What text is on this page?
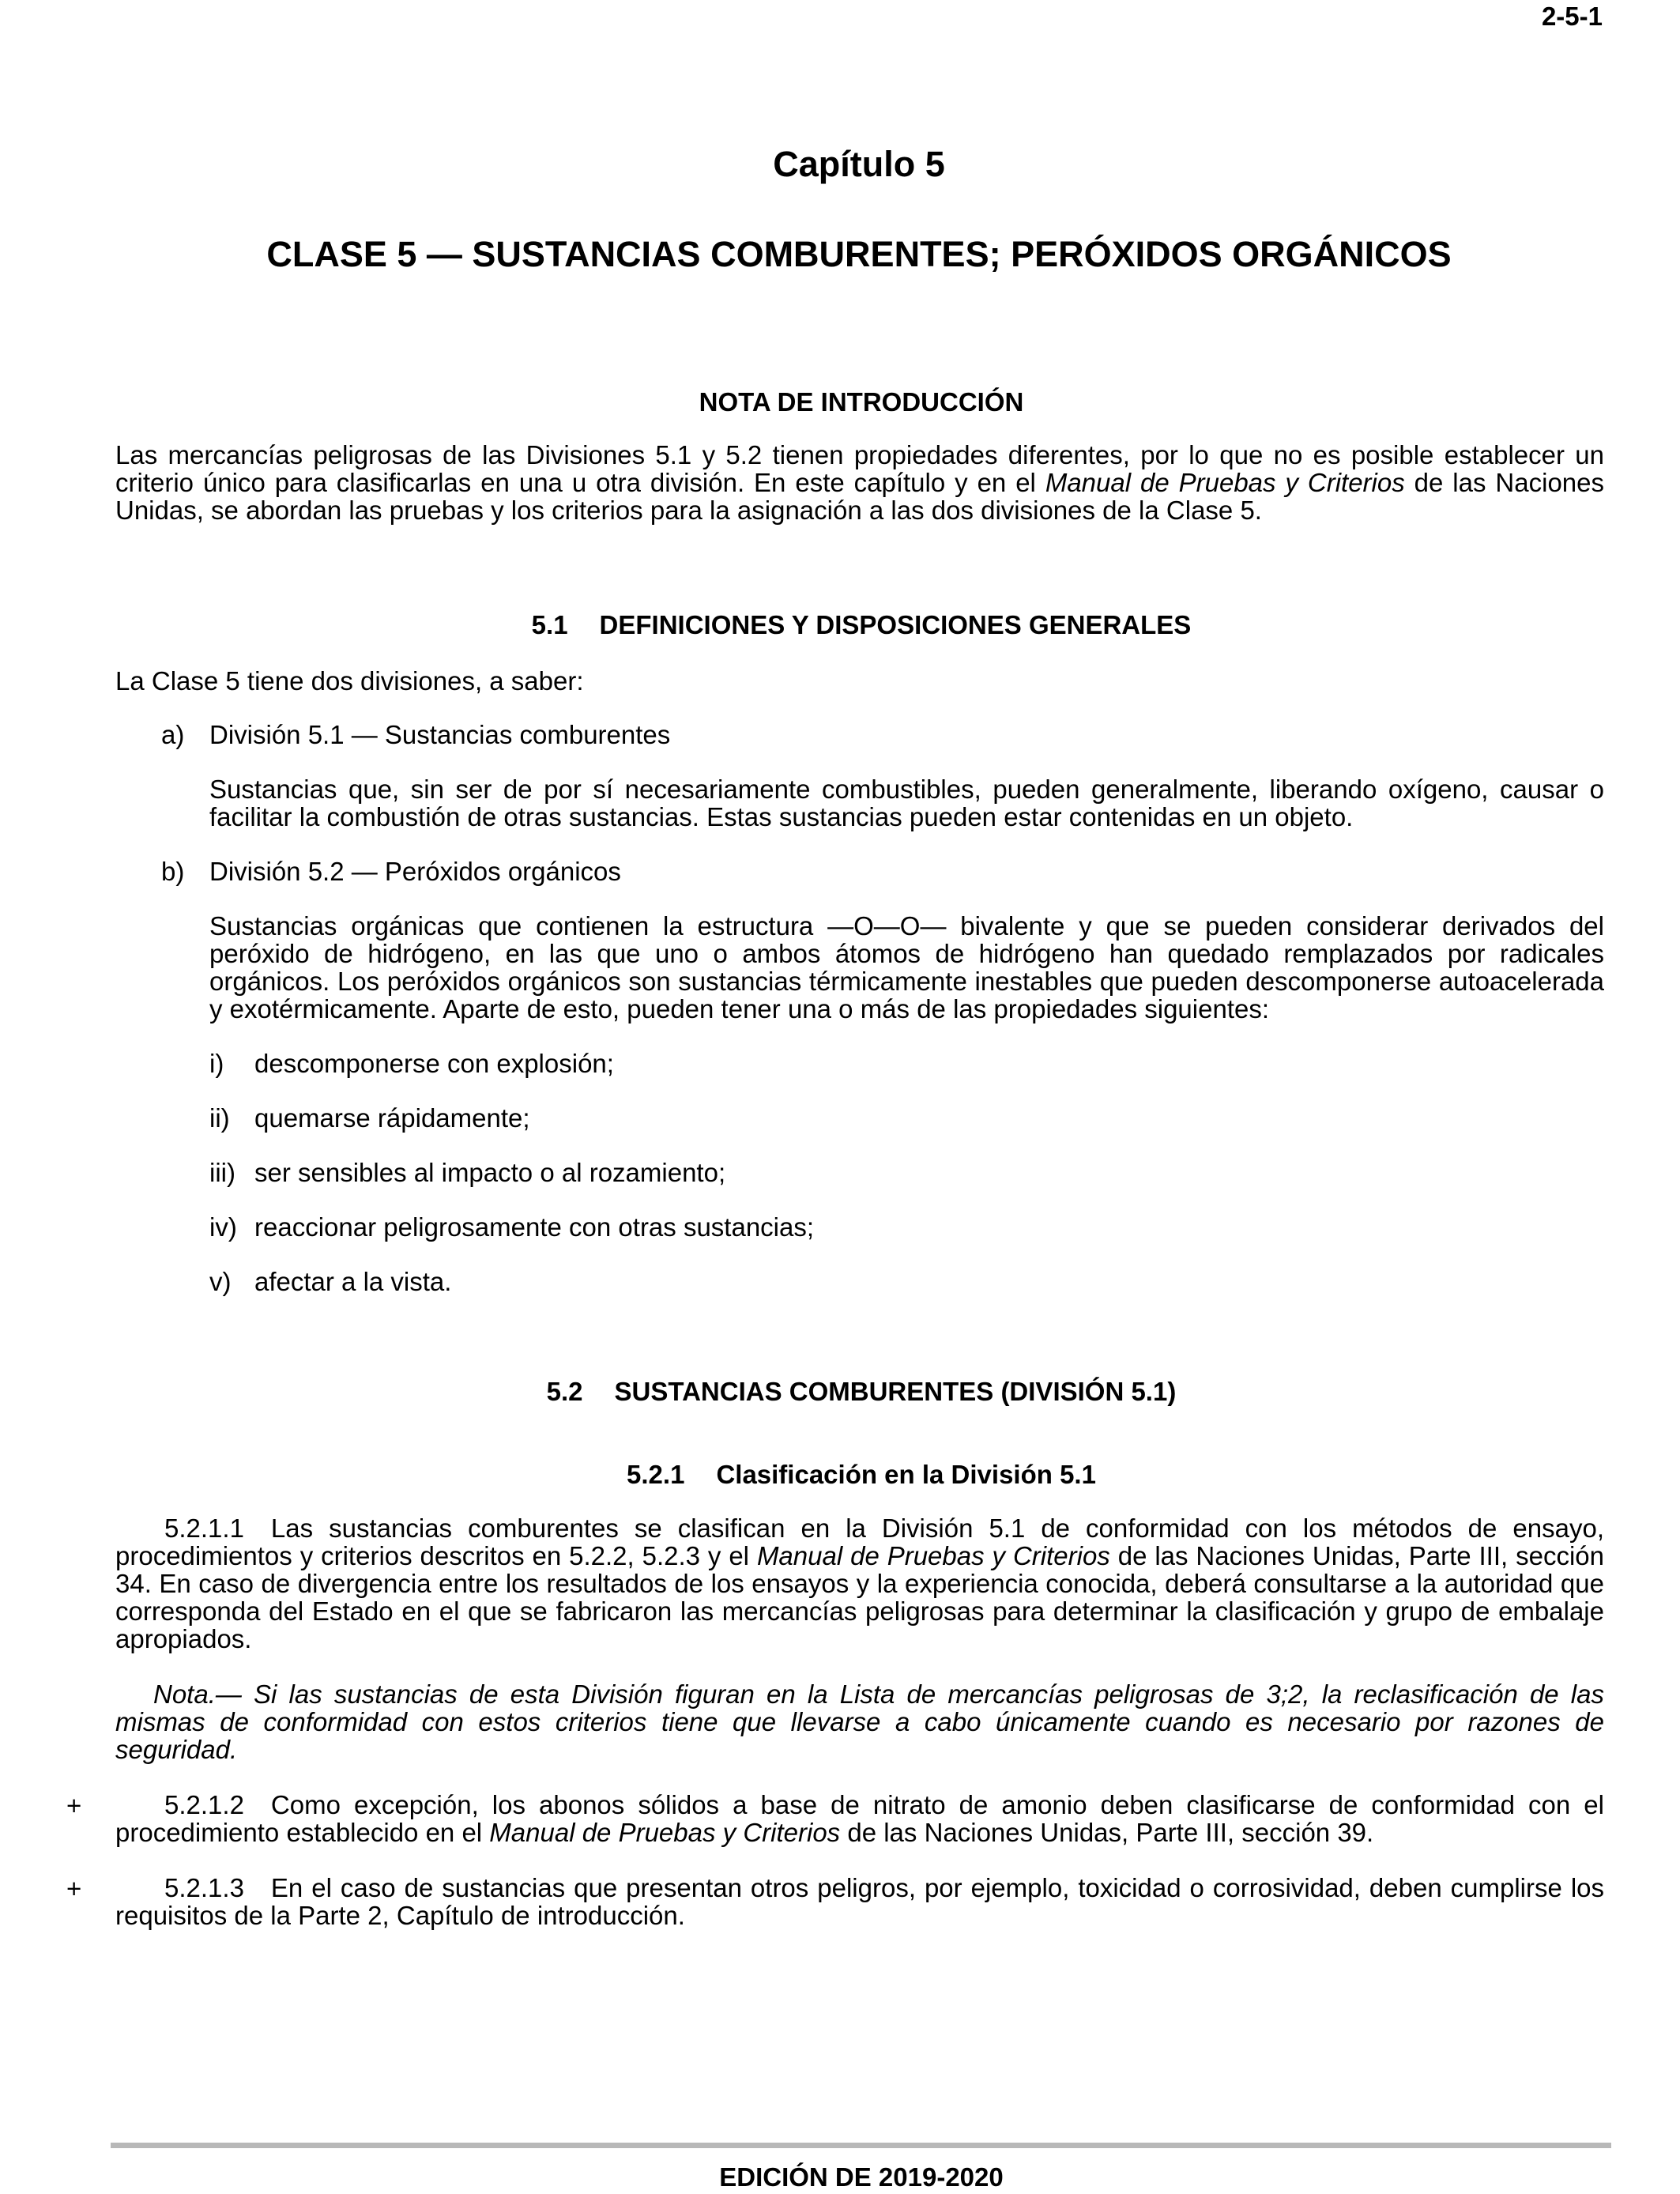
2-5-1
Capítulo 5
CLASE 5 — SUSTANCIAS COMBURENTES; PERÓXIDOS ORGÁNICOS
NOTA DE INTRODUCCIÓN
Las mercancías peligrosas de las Divisiones 5.1 y 5.2 tienen propiedades diferentes, por lo que no es posible establecer un criterio único para clasificarlas en una u otra división. En este capítulo y en el Manual de Pruebas y Criterios de las Naciones Unidas, se abordan las pruebas y los criterios para la asignación a las dos divisiones de la Clase 5.
5.1 DEFINICIONES Y DISPOSICIONES GENERALES
La Clase 5 tiene dos divisiones, a saber:
a) División 5.1 — Sustancias comburentes
Sustancias que, sin ser de por sí necesariamente combustibles, pueden generalmente, liberando oxígeno, causar o facilitar la combustión de otras sustancias. Estas sustancias pueden estar contenidas en un objeto.
b) División 5.2 — Peróxidos orgánicos
Sustancias orgánicas que contienen la estructura —O—O— bivalente y que se pueden considerar derivados del peróxido de hidrógeno, en las que uno o ambos átomos de hidrógeno han quedado remplazados por radicales orgánicos. Los peróxidos orgánicos son sustancias térmicamente inestables que pueden descomponerse autoacelerada y exotérmicamente. Aparte de esto, pueden tener una o más de las propiedades siguientes:
i) descomponerse con explosión;
ii) quemarse rápidamente;
iii) ser sensibles al impacto o al rozamiento;
iv) reaccionar peligrosamente con otras sustancias;
v) afectar a la vista.
5.2 SUSTANCIAS COMBURENTES (DIVISIÓN 5.1)
5.2.1 Clasificación en la División 5.1
5.2.1.1 Las sustancias comburentes se clasifican en la División 5.1 de conformidad con los métodos de ensayo, procedimientos y criterios descritos en 5.2.2, 5.2.3 y el Manual de Pruebas y Criterios de las Naciones Unidas, Parte III, sección 34. En caso de divergencia entre los resultados de los ensayos y la experiencia conocida, deberá consultarse a la autoridad que corresponda del Estado en el que se fabricaron las mercancías peligrosas para determinar la clasificación y grupo de embalaje apropiados.
Nota.— Si las sustancias de esta División figuran en la Lista de mercancías peligrosas de 3;2, la reclasificación de las mismas de conformidad con estos criterios tiene que llevarse a cabo únicamente cuando es necesario por razones de seguridad.
+	5.2.1.2 Como excepción, los abonos sólidos a base de nitrato de amonio deben clasificarse de conformidad con el procedimiento establecido en el Manual de Pruebas y Criterios de las Naciones Unidas, Parte III, sección 39.
+	5.2.1.3 En el caso de sustancias que presentan otros peligros, por ejemplo, toxicidad o corrosividad, deben cumplirse los requisitos de la Parte 2, Capítulo de introducción.
EDICIÓN DE 2019-2020
